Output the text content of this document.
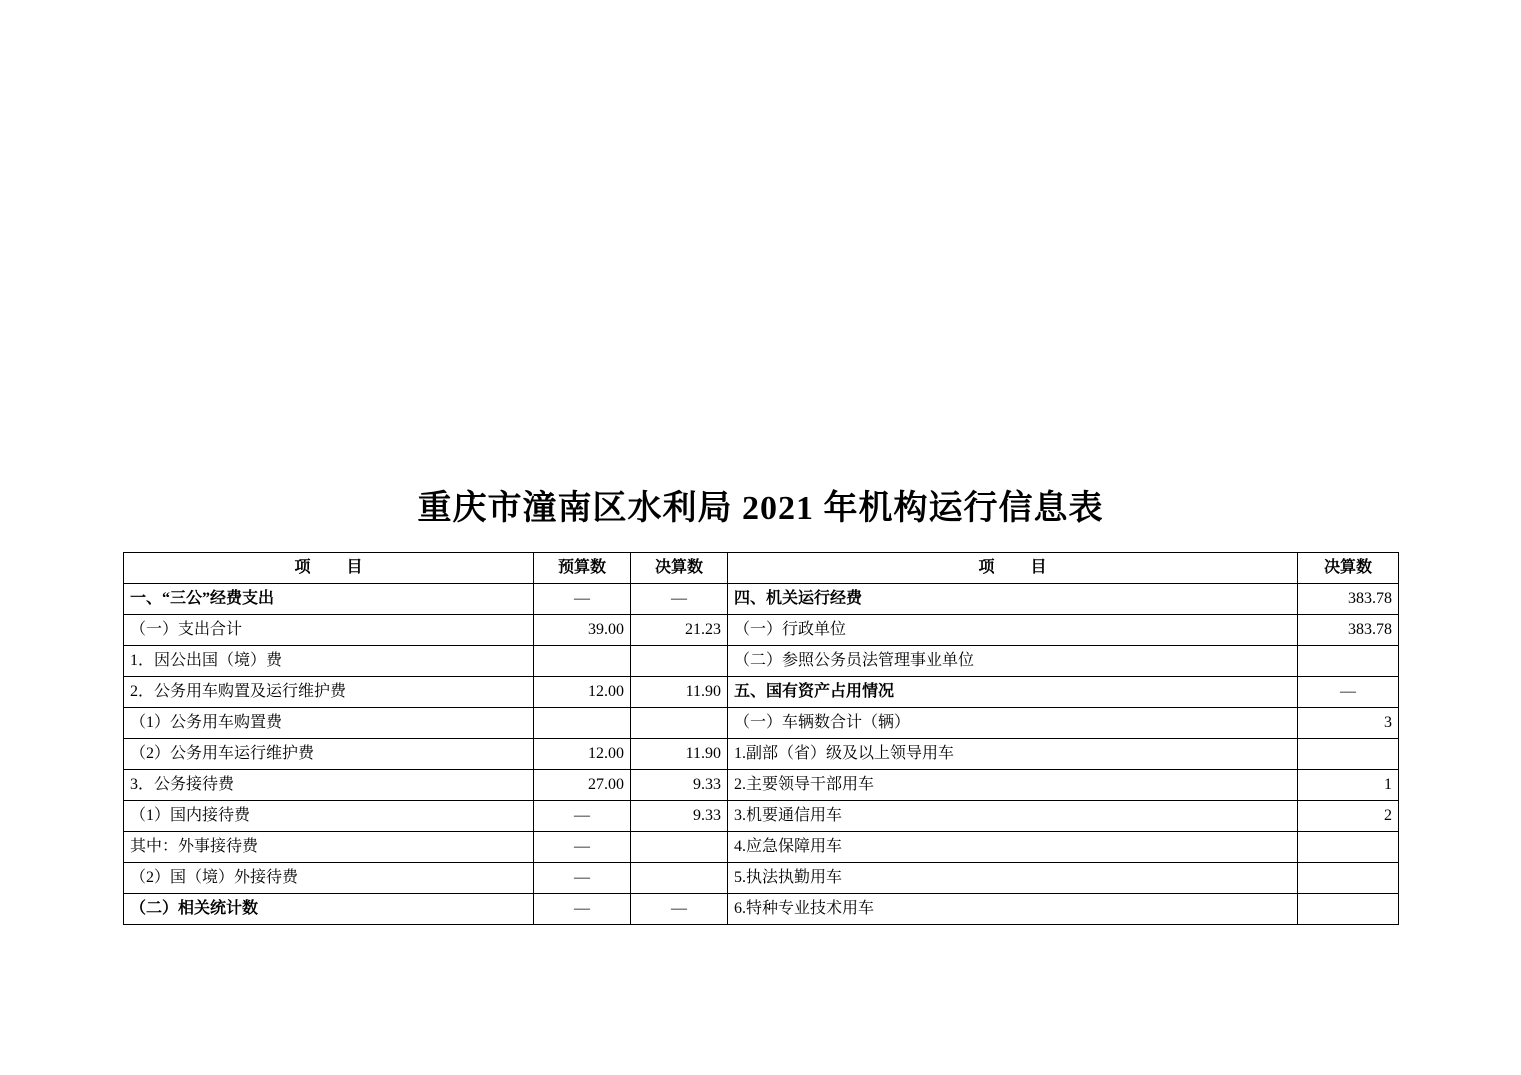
重庆市潼南区水利局 2021 年机构运行信息表
项　目	预算数	决算数	项　目	决算数
一、“三公”经费支出	—	—	四、机关运行经费	383.78
（一）支出合计	39.00	21.23	（一）行政单位	383.78
1．因公出国（境）费			（二）参照公务员法管理事业单位	
2．公务用车购置及运行维护费	12.00	11.90	五、国有资产占用情况	—
（1）公务用车购置费			（一）车辆数合计（辆）	3
（2）公务用车运行维护费	12.00	11.90	1.副部（省）级及以上领导用车	
3．公务接待费	27.00	9.33	2.主要领导干部用车	1
（1）国内接待费	—	9.33	3.机要通信用车	2
其中：外事接待费	—		4.应急保障用车	
（2）国（境）外接待费	—		5.执法执勤用车	
（二）相关统计数	—	—	6.特种专业技术用车	
